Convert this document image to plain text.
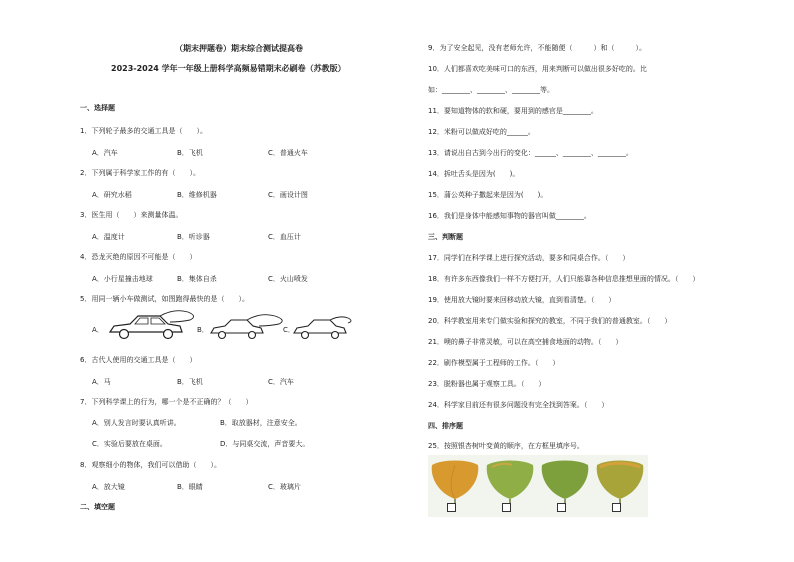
（期末押题卷）期末综合测试提高卷
2023-2024 学年一年级上册科学高频易错期末必刷卷（苏教版）
一、选择题
1．下列轮子最多的交通工具是（　　）。
A．汽车	B．飞机	C．普通火车
2．下列属于科学家工作的有（　　）。
A．研究水稻	B．维修机器	C．画设计图
3．医生用（　　）来测量体温。
A．温度计	B．听诊器	C．血压计
4．恐龙灭绝的原因不可能是（　　）
A．小行星撞击地球	B．集体自杀	C．火山喷发
5．用同一辆小车做测试，如图跑得最快的是（　　）。
A．	B．	C．
6．古代人使用的交通工具是（　　）
A．马	B．飞机	C．汽车
7．下列科学课上的行为，哪一个是不正确的？（　　）
A．别人发言时要认真听讲。	B．取放器材，注意安全。
C．实验后要放在桌面。	D．与同桌交流，声音要大。
8．观察细小的物体，我们可以借助（　　）。
A．放大镜	B．眼睛	C．玻璃片
二、填空题
9．为了安全起见，没有老师允许，不能随便（　　　）和（　　　）。
10．人们都喜欢吃美味可口的东西，用来判断可以做出很多好吃的。比
如：________、________、________等。
11．要知道物体的软和硬，要用到的感官是________。
12．米粉可以做成好吃的______。
13．请说出自古到今出行的变化：______、________、________。
14．拆吐舌头是因为(　　)。
15．蒲公英种子撒起来是因为(　　)。
16．我们是身体中能感知事物的器官叫做________。
三、判断题
17．同学们在科学课上进行探究活动，要多和同桌合作。（　　）
18．有许多东西像我们一样不方便打开，人们只能靠各种信息推想里面的情况。（　　）
19．使用放大镜时要来回移动放大镜，直到看清楚。（　　）
20．科学教室用来专门做实验和探究的教室，不同于我们的普通教室。（　　）
21．噢的鼻子非常灵敏，可以在高空捕食地面的动物。（　　）
22．刷作模型属于工程师的工作。（　　）
23．脱粉器也属于观察工具。（　　）
24．科学家目前还有很多问题没有完全找到答案。（　　）
四、排序题
25．按照银杏树叶变黄的顺序，在方框里填序号。
